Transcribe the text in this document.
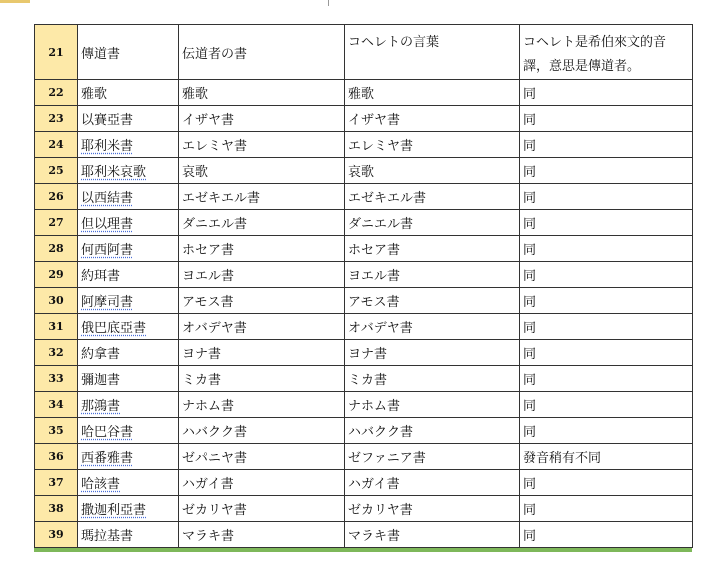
21	傳道書	伝道者の書	コヘレトの言葉	コヘレト是希伯來文的音譯，意思是傳道者。
22	雅歌	雅歌	雅歌	同
23	以賽亞書	イザヤ書	イザヤ書	同
24	耶利米書	エレミヤ書	エレミヤ書	同
25	耶利米哀歌	哀歌	哀歌	同
26	以西結書	エゼキエル書	エゼキエル書	同
27	但以理書	ダニエル書	ダニエル書	同
28	何西阿書	ホセア書	ホセア書	同
29	約珥書	ヨエル書	ヨエル書	同
30	阿摩司書	アモス書	アモス書	同
31	俄巴底亞書	オバデヤ書	オバデヤ書	同
32	約拿書	ヨナ書	ヨナ書	同
33	彌迦書	ミカ書	ミカ書	同
34	那鴻書	ナホム書	ナホム書	同
35	哈巴谷書	ハバクク書	ハバクク書	同
36	西番雅書	ゼパニヤ書	ゼファニア書	發音稍有不同
37	哈該書	ハガイ書	ハガイ書	同
38	撒迦利亞書	ゼカリヤ書	ゼカリヤ書	同
39	瑪拉基書	マラキ書	マラキ書	同
